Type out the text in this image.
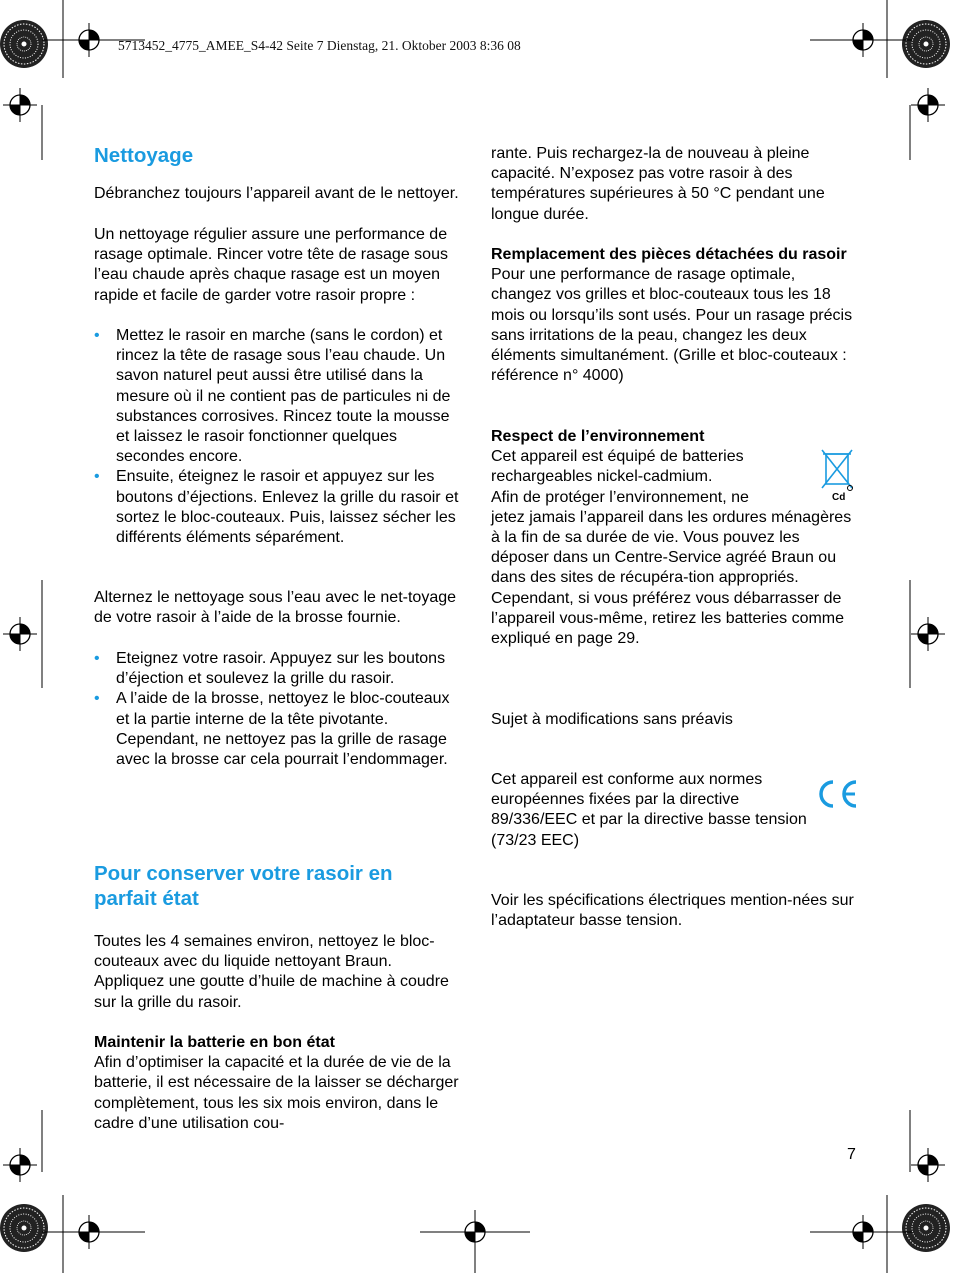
5713452_4775_AMEE_S4-42 Seite 7 Dienstag, 21. Oktober 2003 8:36 08
Nettoyage

Débranchez toujours l’appareil avant de le nettoyer.

Un nettoyage régulier assure une performance de rasage optimale. Rincer votre tête de rasage sous l’eau chaude après chaque rasage est un moyen rapide et facile de garder votre rasoir propre :

• Mettez le rasoir en marche (sans le cordon) et rincez la tête de rasage sous l’eau chaude. Un savon naturel peut aussi être utilisé dans la mesure où il ne contient pas de particules ni de substances corrosives. Rincez toute la mousse et laissez le rasoir fonctionner quelques secondes encore.
• Ensuite, éteignez le rasoir et appuyez sur les boutons d’éjections. Enlevez la grille du rasoir et sortez le bloc-couteaux. Puis, laissez sécher les différents éléments séparément.

Alternez le nettoyage sous l’eau avec le net-toyage de votre rasoir à l’aide de la brosse fournie.

• Eteignez votre rasoir. Appuyez sur les boutons d’éjection et soulevez la grille du rasoir.
• A l’aide de la brosse, nettoyez le bloc-couteaux et la partie interne de la tête pivotante. Cependant, ne nettoyez pas la grille de rasage avec la brosse car cela pourrait l’endommager.
Pour conserver votre rasoir en parfait état

Toutes les 4 semaines environ, nettoyez le bloc-couteaux avec du liquide nettoyant Braun. Appliquez une goutte d’huile de machine à coudre sur la grille du rasoir.

Maintenir la batterie en bon état
Afin d’optimiser la capacité et la durée de vie de la batterie, il est nécessaire de la laisser se décharger complètement, tous les six mois environ, dans le cadre d’une utilisation cou-

rante. Puis rechargez-la de nouveau à pleine capacité. N’exposez pas votre rasoir à des températures supérieures à 50 °C pendant une longue durée.

Remplacement des pièces détachées du rasoir
Pour une performance de rasage optimale, changez vos grilles et bloc-couteaux tous les 18 mois ou lorsqu’ils sont usés. Pour un rasage précis sans irritations de la peau, changez les deux éléments simultanément. (Grille et bloc-couteaux : référence n° 4000)

Respect de l’environnement
Cet appareil est équipé de batteries rechargeables nickel-cadmium.
Afin de protéger l’environnement, ne
jetez jamais l’appareil dans les ordures ménagères à la fin de sa durée de vie. Vous pouvez les déposer dans un Centre-Service agréé Braun ou dans des sites de récupéra-tion appropriés.
Cependant, si vous préférez vous débarrasser de l’appareil vous-même, retirez les batteries comme expliqué en page 29.

Sujet à modifications sans préavis

Cet appareil est conforme aux normes européennes fixées par la directive 89/336/EEC et par la directive basse tension (73/23 EEC)

Voir les spécifications électriques mention-nées sur l’adaptateur basse tension.

Cd
7
